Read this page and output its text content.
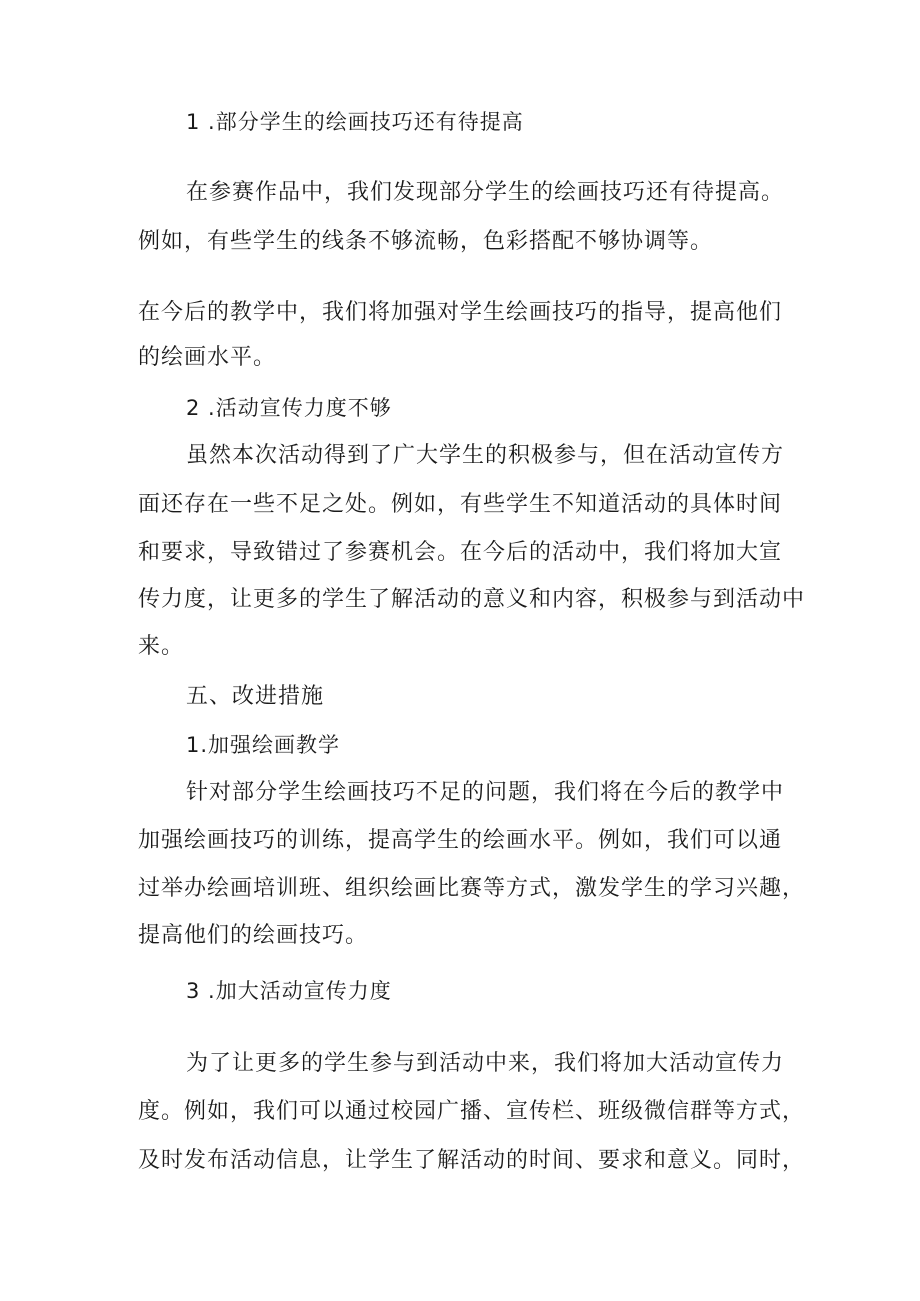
1 .部分学生的绘画技巧还有待提高
在参赛作品中，我们发现部分学生的绘画技巧还有待提高。
例如，有些学生的线条不够流畅，色彩搭配不够协调等。
在今后的教学中，我们将加强对学生绘画技巧的指导，提高他们
的绘画水平。
2 .活动宣传力度不够
虽然本次活动得到了广大学生的积极参与，但在活动宣传方
面还存在一些不足之处。例如，有些学生不知道活动的具体时间
和要求，导致错过了参赛机会。在今后的活动中，我们将加大宣
传力度，让更多的学生了解活动的意义和内容，积极参与到活动中
来。
五、改进措施
1.加强绘画教学
针对部分学生绘画技巧不足的问题，我们将在今后的教学中
加强绘画技巧的训练，提高学生的绘画水平。例如，我们可以通
过举办绘画培训班、组织绘画比赛等方式，激发学生的学习兴趣，
提高他们的绘画技巧。
3 .加大活动宣传力度
为了让更多的学生参与到活动中来，我们将加大活动宣传力
度。例如，我们可以通过校园广播、宣传栏、班级微信群等方式，
及时发布活动信息，让学生了解活动的时间、要求和意义。同时，
